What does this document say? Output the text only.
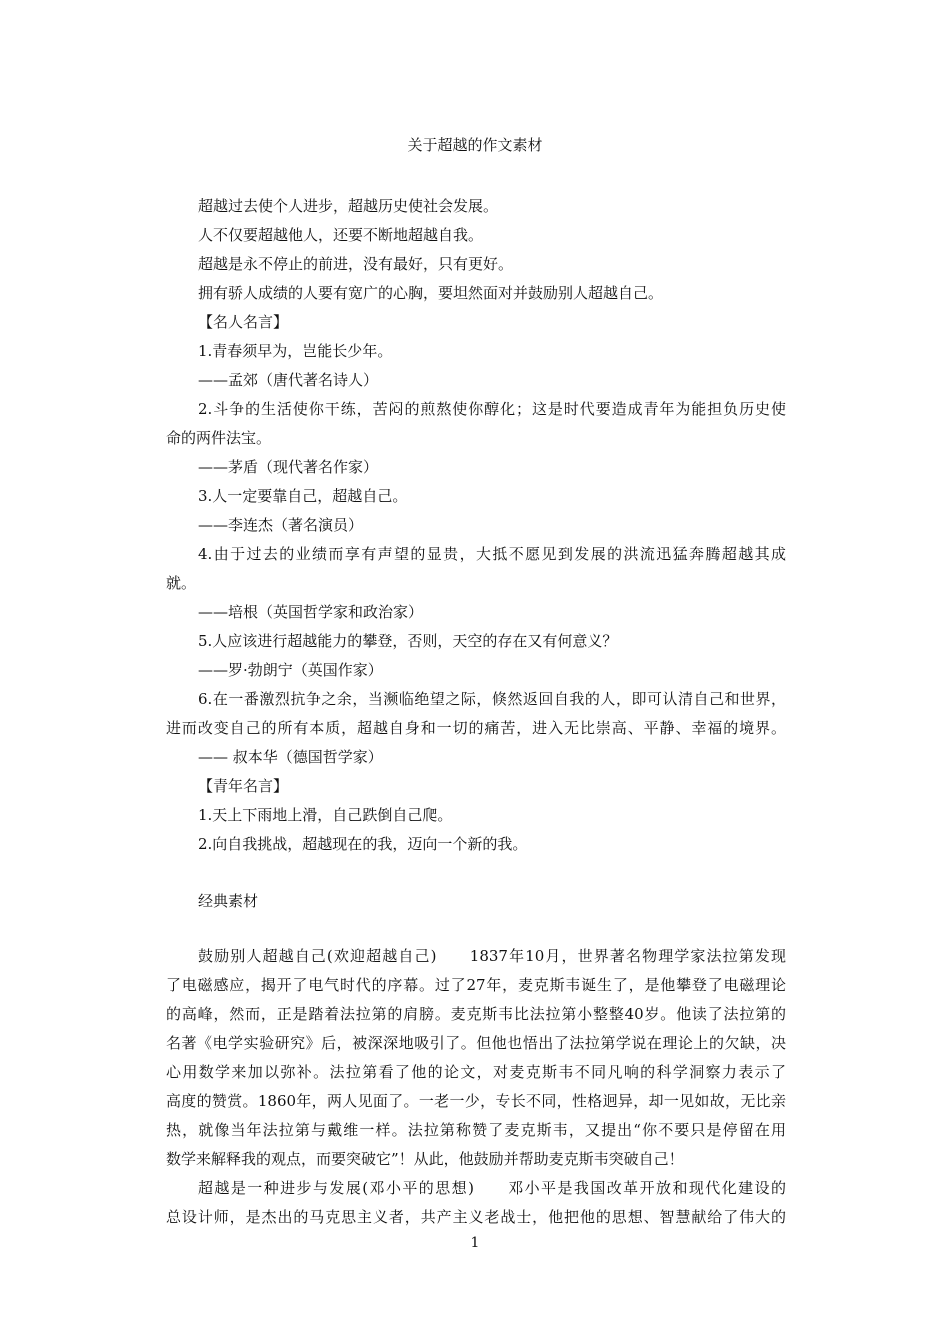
关于超越的作文素材
超越过去使个人进步，超越历史使社会发展。
人不仅要超越他人，还要不断地超越自我。
超越是永不停止的前进，没有最好，只有更好。
拥有骄人成绩的人要有宽广的心胸，要坦然面对并鼓励别人超越自己。
【名人名言】
1.青春须早为，岂能长少年。
——孟郊（唐代著名诗人）
2.斗争的生活使你干练，苦闷的煎熬使你醇化；这是时代要造成青年为能担负历史使
命的两件法宝。
——茅盾（现代著名作家）
3.人一定要靠自己，超越自己。
——李连杰（著名演员）
4.由于过去的业绩而享有声望的显贵，大抵不愿见到发展的洪流迅猛奔腾超越其成
就。
——培根（英国哲学家和政治家）
5.人应该进行超越能力的攀登，否则，天空的存在又有何意义？
——罗·勃朗宁（英国作家）
6.在一番激烈抗争之余，当濒临绝望之际，倏然返回自我的人，即可认清自己和世界，
进而改变自己的所有本质，超越自身和一切的痛苦，进入无比崇高、平静、幸福的境界。
—— 叔本华（德国哲学家）
【青年名言】
1.天上下雨地上滑，自己跌倒自己爬。
2.向自我挑战，超越现在的我，迈向一个新的我。
经典素材
鼓励别人超越自己(欢迎超越自己)　　1837年10月，世界著名物理学家法拉第发现
了电磁感应，揭开了电气时代的序幕。过了27年，麦克斯韦诞生了，是他攀登了电磁理论
的高峰，然而，正是踏着法拉第的肩膀。麦克斯韦比法拉第小整整40岁。他读了法拉第的
名著《电学实验研究》后，被深深地吸引了。但他也悟出了法拉第学说在理论上的欠缺，决
心用数学来加以弥补。法拉第看了他的论文，对麦克斯韦不同凡响的科学洞察力表示了
高度的赞赏。1860年，两人见面了。一老一少，专长不同，性格迥异，却一见如故，无比亲
热，就像当年法拉第与戴维一样。法拉第称赞了麦克斯韦，又提出“你不要只是停留在用
数学来解释我的观点，而要突破它”！从此，他鼓励并帮助麦克斯韦突破自己！
超越是一种进步与发展(邓小平的思想)　　邓小平是我国改革开放和现代化建设的
总设计师，是杰出的马克思主义者，共产主义老战士，他把他的思想、智慧献给了伟大的
1
